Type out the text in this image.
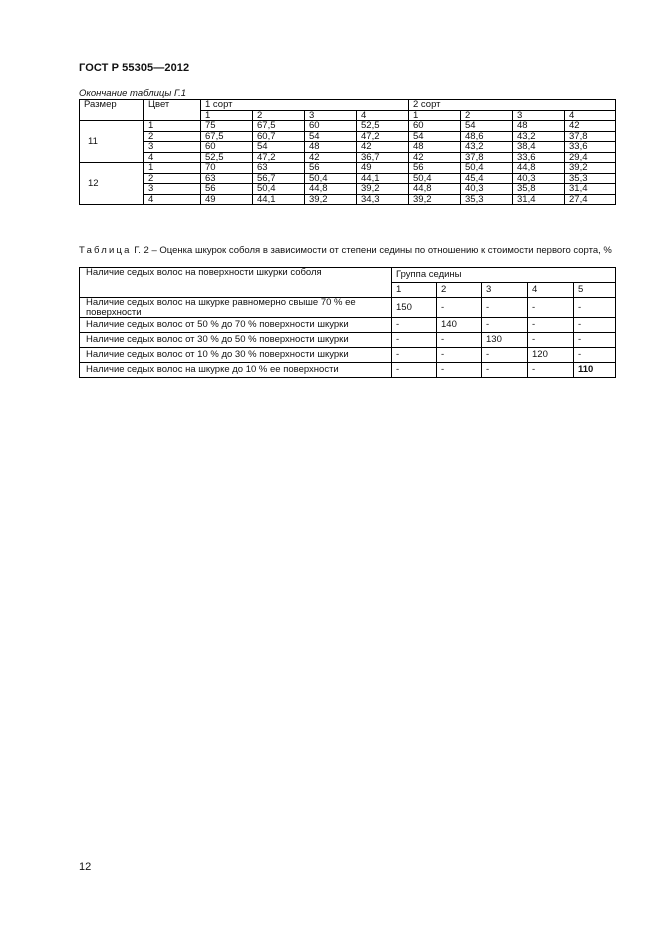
ГОСТ Р 55305—2012
Окончание таблицы Г.1
Размер	Цвет	1 сорт				2 сорт			
		1	2	3	4	1	2	3	4
11	1	75	67,5	60	52,5	60	54	48	42
	2	67,5	60,7	54	47,2	54	48,6	43,2	37,8
	3	60	54	48	42	48	43,2	38,4	33,6
	4	52,5	47,2	42	36,7	42	37,8	33,6	29,4
12	1	70	63	56	49	56	50,4	44,8	39,2
	2	63	56,7	50,4	44,1	50,4	45,4	40,3	35,3
	3	56	50,4	44,8	39,2	44,8	40,3	35,8	31,4
	4	49	44,1	39,2	34,3	39,2	35,3	31,4	27,4
Таблица Г. 2 – Оценка шкурок соболя в зависимости от степени седины по отношению к стоимости первого сорта, %
Наличие седых волос на поверхности шкурки соболя	Группа седины				
	1	2	3	4	5
Наличие седых волос на шкурке равномерно свыше 70 % ее поверхности	150	-	-	-	-
Наличие седых волос от 50 % до 70 % поверхности шкурки	-	140	-	-	-
Наличие седых волос от 30 % до 50 % поверхности шкурки	-	-	130	-	-
Наличие седых волос от 10 % до 30 % поверхности шкурки	-	-	-	120	-
Наличие седых волос на шкурке до 10 % ее поверхности	-	-	-	-	110
12
